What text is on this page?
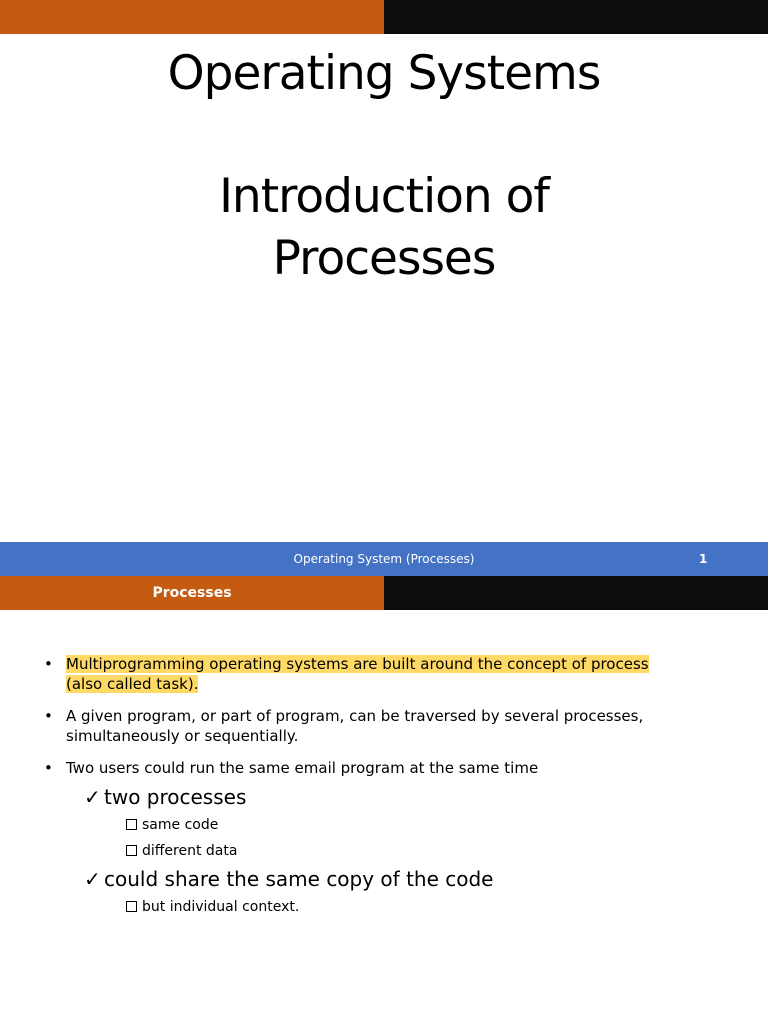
Operating Systems
Introduction of
Processes
Operating System (Processes)	1
Processes
• Multiprogramming operating systems are built around the concept of process
(also called task).
• A given program, or part of program, can be traversed by several processes, simultaneously or sequentially.
• Two users could run the same email program at the same time
✓ two processes
same code
different data
✓ could share the same copy of the code
but individual context.
